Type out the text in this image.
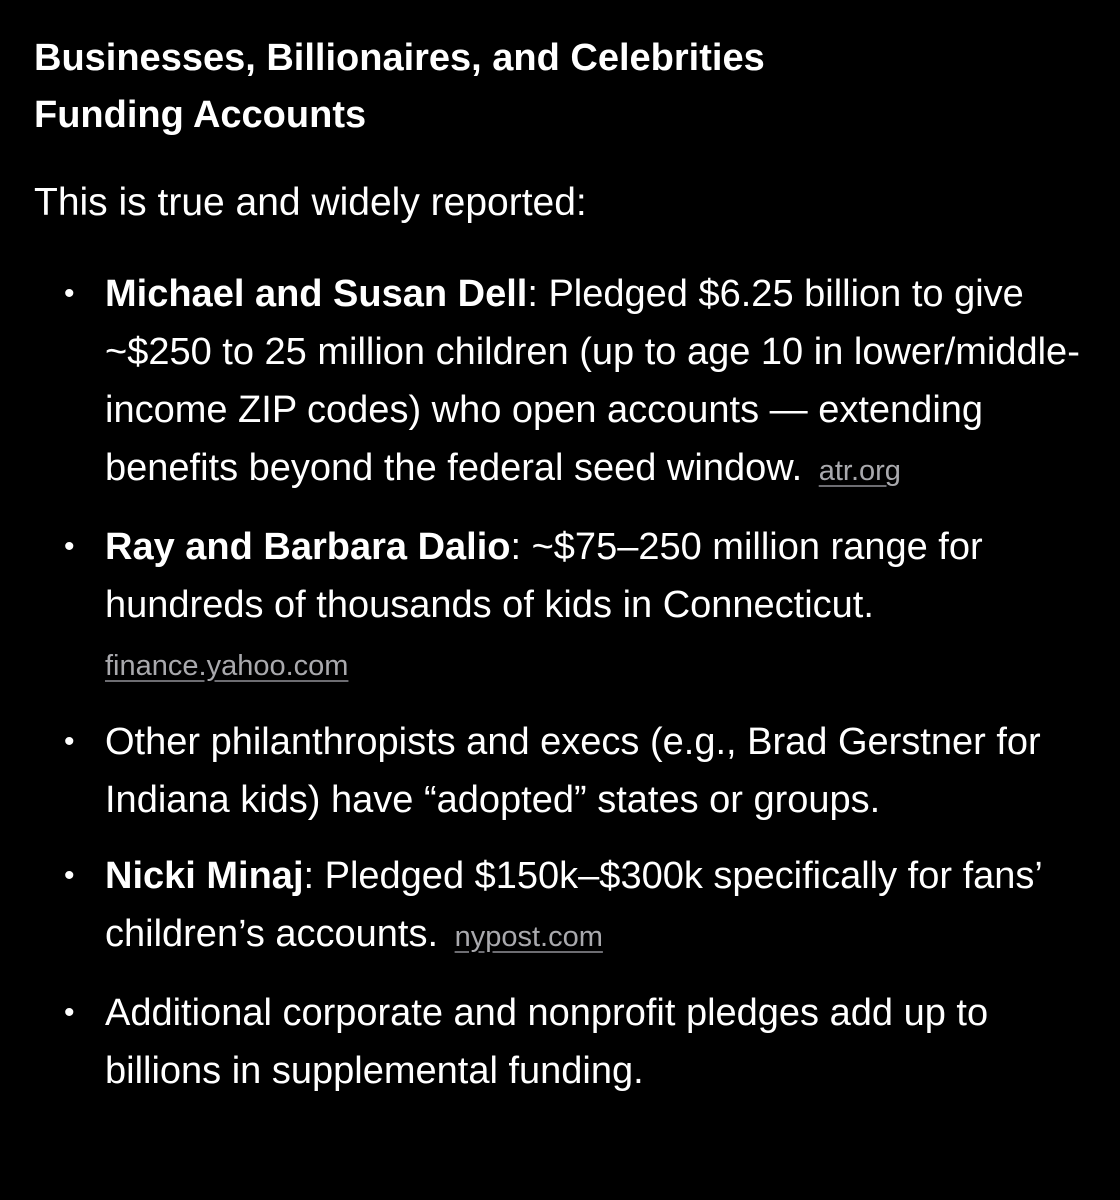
Businesses, Billionaires, and Celebrities Funding Accounts

This is true and widely reported:

• Michael and Susan Dell: Pledged $6.25 billion to give ~$250 to 25 million children (up to age 10 in lower/middle-income ZIP codes) who open accounts — extending benefits beyond the federal seed window. atr.org
• Ray and Barbara Dalio: ~$75–250 million range for hundreds of thousands of kids in Connecticut.
finance.yahoo.com
• Other philanthropists and execs (e.g., Brad Gerstner for Indiana kids) have “adopted” states or groups.
• Nicki Minaj: Pledged $150k–$300k specifically for fans’ children’s accounts. nypost.com
• Additional corporate and nonprofit pledges add up to billions in supplemental funding.
